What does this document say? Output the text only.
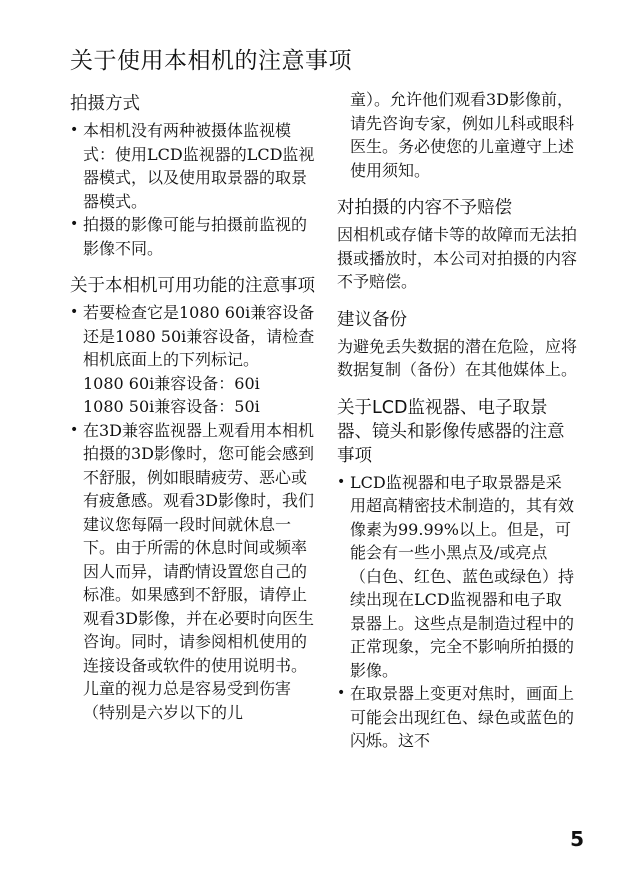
关于使用本相机的注意事项
拍摄方式
• 本相机没有两种被摄体监视模式：使用LCD监视器的LCD监视器模式，以及使用取景器的取景器模式。
• 拍摄的影像可能与拍摄前监视的影像不同。
关于本相机可用功能的注意事项
• 若要检查它是1080 60i兼容设备还是1080 50i兼容设备，请检查相机底面上的下列标记。
1080 60i兼容设备：60i
1080 50i兼容设备：50i
• 在3D兼容监视器上观看用本相机拍摄的3D影像时，您可能会感到不舒服，例如眼睛疲劳、恶心或有疲惫感。观看3D影像时，我们建议您每隔一段时间就休息一下。由于所需的休息时间或频率因人而异，请酌情设置您自己的标准。如果感到不舒服，请停止观看3D影像，并在必要时向医生咨询。同时，请参阅相机使用的连接设备或软件的使用说明书。儿童的视力总是容易受到伤害（特别是六岁以下的儿

童）。允许他们观看3D影像前，请先咨询专家，例如儿科或眼科医生。务必使您的儿童遵守上述使用须知。

对拍摄的内容不予赔偿

因相机或存储卡等的故障而无法拍摄或播放时，本公司对拍摄的内容不予赔偿。

建议备份

为避免丢失数据的潜在危险，应将数据复制（备份）在其他媒体上。

关于LCD监视器、电子取景器、镜头和影像传感器的注意事项
• LCD监视器和电子取景器是采用超高精密技术制造的，其有效像素为99.99%以上。但是，可能会有一些小黑点及/或亮点（白色、红色、蓝色或绿色）持续出现在LCD监视器和电子取景器上。这些点是制造过程中的正常现象，完全不影响所拍摄的影像。
• 在取景器上变更对焦时，画面上可能会出现红色、绿色或蓝色的闪烁。这不
5
